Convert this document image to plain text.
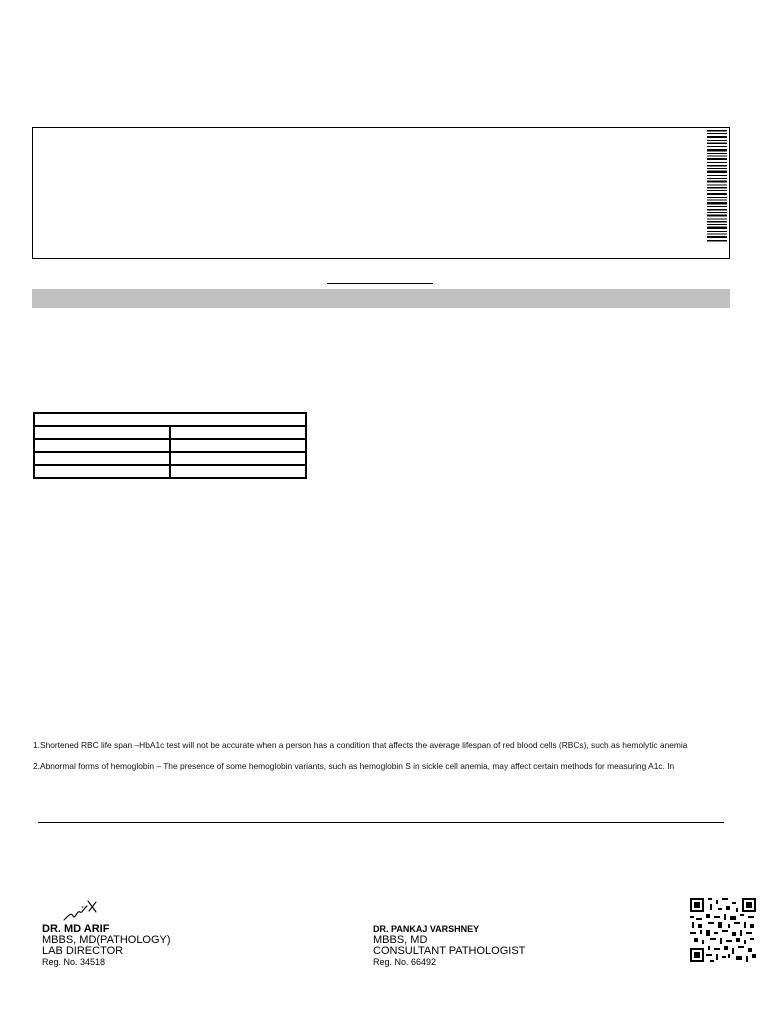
1.Shortened RBC life span –HbA1c test will not be accurate when a person has a condition that affects the average lifespan of red blood cells (RBCs), such as hemolytic anemia
2.Abnormal forms of hemoglobin – The presence of some hemoglobin variants, such as hemoglobin S in sickle cell anemia, may affect certain methods for measuring A1c. In
DR. MD ARIF
MBBS, MD(PATHOLOGY)
LAB DIRECTOR
Reg. No. 34518
DR. PANKAJ VARSHNEY
MBBS, MD
CONSULTANT PATHOLOGIST
Reg. No. 66492
